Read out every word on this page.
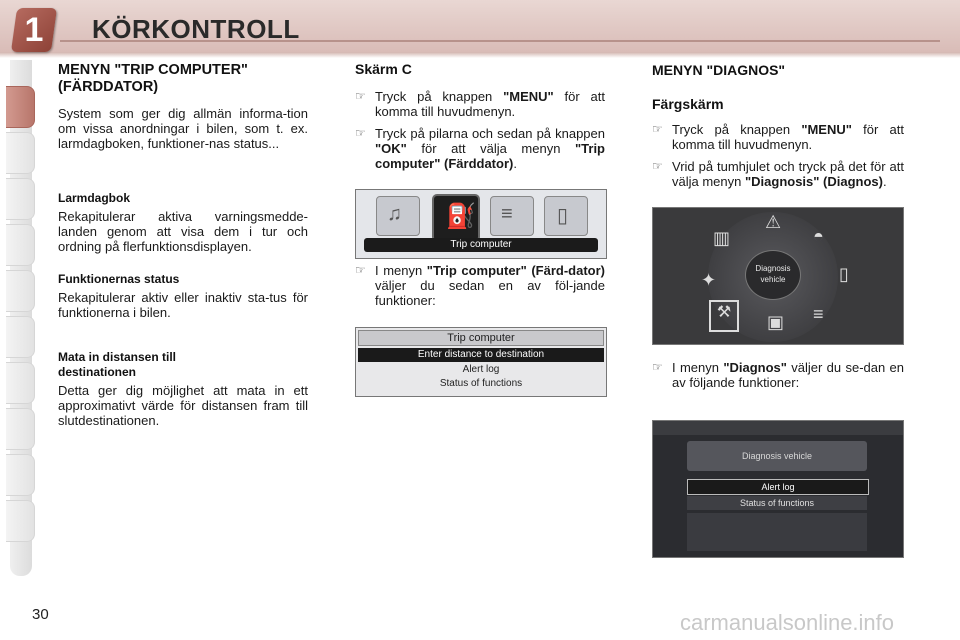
1	KÖRKONTROLL
MENYN "TRIP COMPUTER" (FÄRDDATOR)

System som ger dig allmän informa-tion om vissa anordningar i bilen, som t. ex. larmdagboken, funktioner-nas status...

Larmdagbok

Rekapitulerar aktiva varningsmedde-landen genom att visa dem i tur och ordning på flerfunktionsdisplayen.

Funktionernas status

Rekapitulerar aktiv eller inaktiv sta-tus för funktionerna i bilen.

Mata in distansen till destinationen

Detta ger dig möjlighet att mata in ett approximativt värde för distansen fram till slutdestinationen.

Skärm C
☞ Tryck på knappen "MENU" för att komma till huvudmenyn.
☞ Tryck på pilarna och sedan på knappen "OK" för att välja menyn "Trip computer" (Färddator).
♫ ⛽ ≡ ▯
Trip computer
☞ I menyn "Trip computer" (Färd-dator) väljer du sedan en av föl-jande funktioner:
Trip computer
Enter distance to destination
Alert log
Status of functions
MENYN "DIAGNOS"
Färgskärm
☞ Tryck på knappen "MENU" för att komma till huvudmenyn.
☞ Vrid på tumhjulet och tryck på det för att välja menyn "Diagnosis" (Diagnos).
Diagnosis vehicle
▥
⚠
◓
▯
✦
⚒	▣ ≡
☞ I menyn "Diagnos" väljer du se-dan en av följande funktioner:
Diagnosis vehicle
Alert log
Status of functions
30	carmanualsonline.info
